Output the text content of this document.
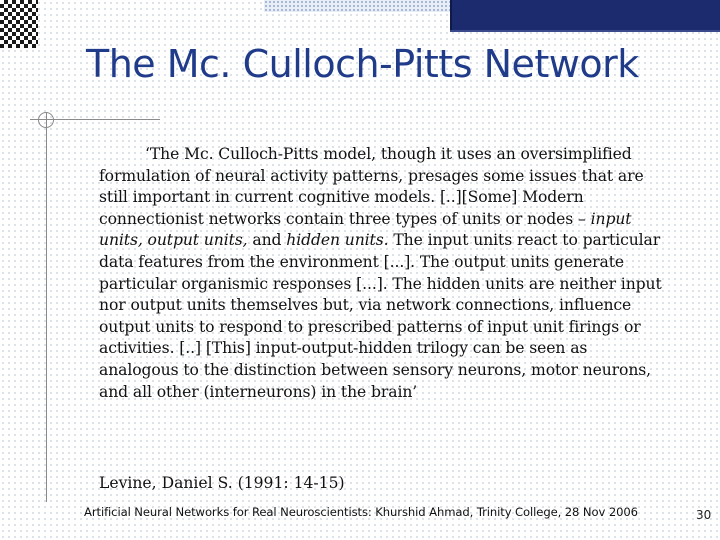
The Mc. Culloch-Pitts Network

‘The Mc. Culloch-Pitts model, though it uses an oversimplified formulation of neural activity patterns, presages some issues that are still important in current cognitive models. [..][Some] Modern connectionist networks contain three types of units or nodes – input units, output units, and hidden units. The input units react to particular data features from the environment [...]. The output units generate particular organismic responses [...]. The hidden units are neither input nor output units themselves but, via network connections, influence output units to respond to prescribed patterns of input unit firings or activities. [..] [This] input-output-hidden trilogy can be seen as analogous to the distinction between sensory neurons, motor neurons, and all other (interneurons) in the brain’

Levine, Daniel S. (1991: 14-15)
Artificial Neural Networks for Real Neuroscientists: Khurshid Ahmad, Trinity College, 28 Nov 2006	30
